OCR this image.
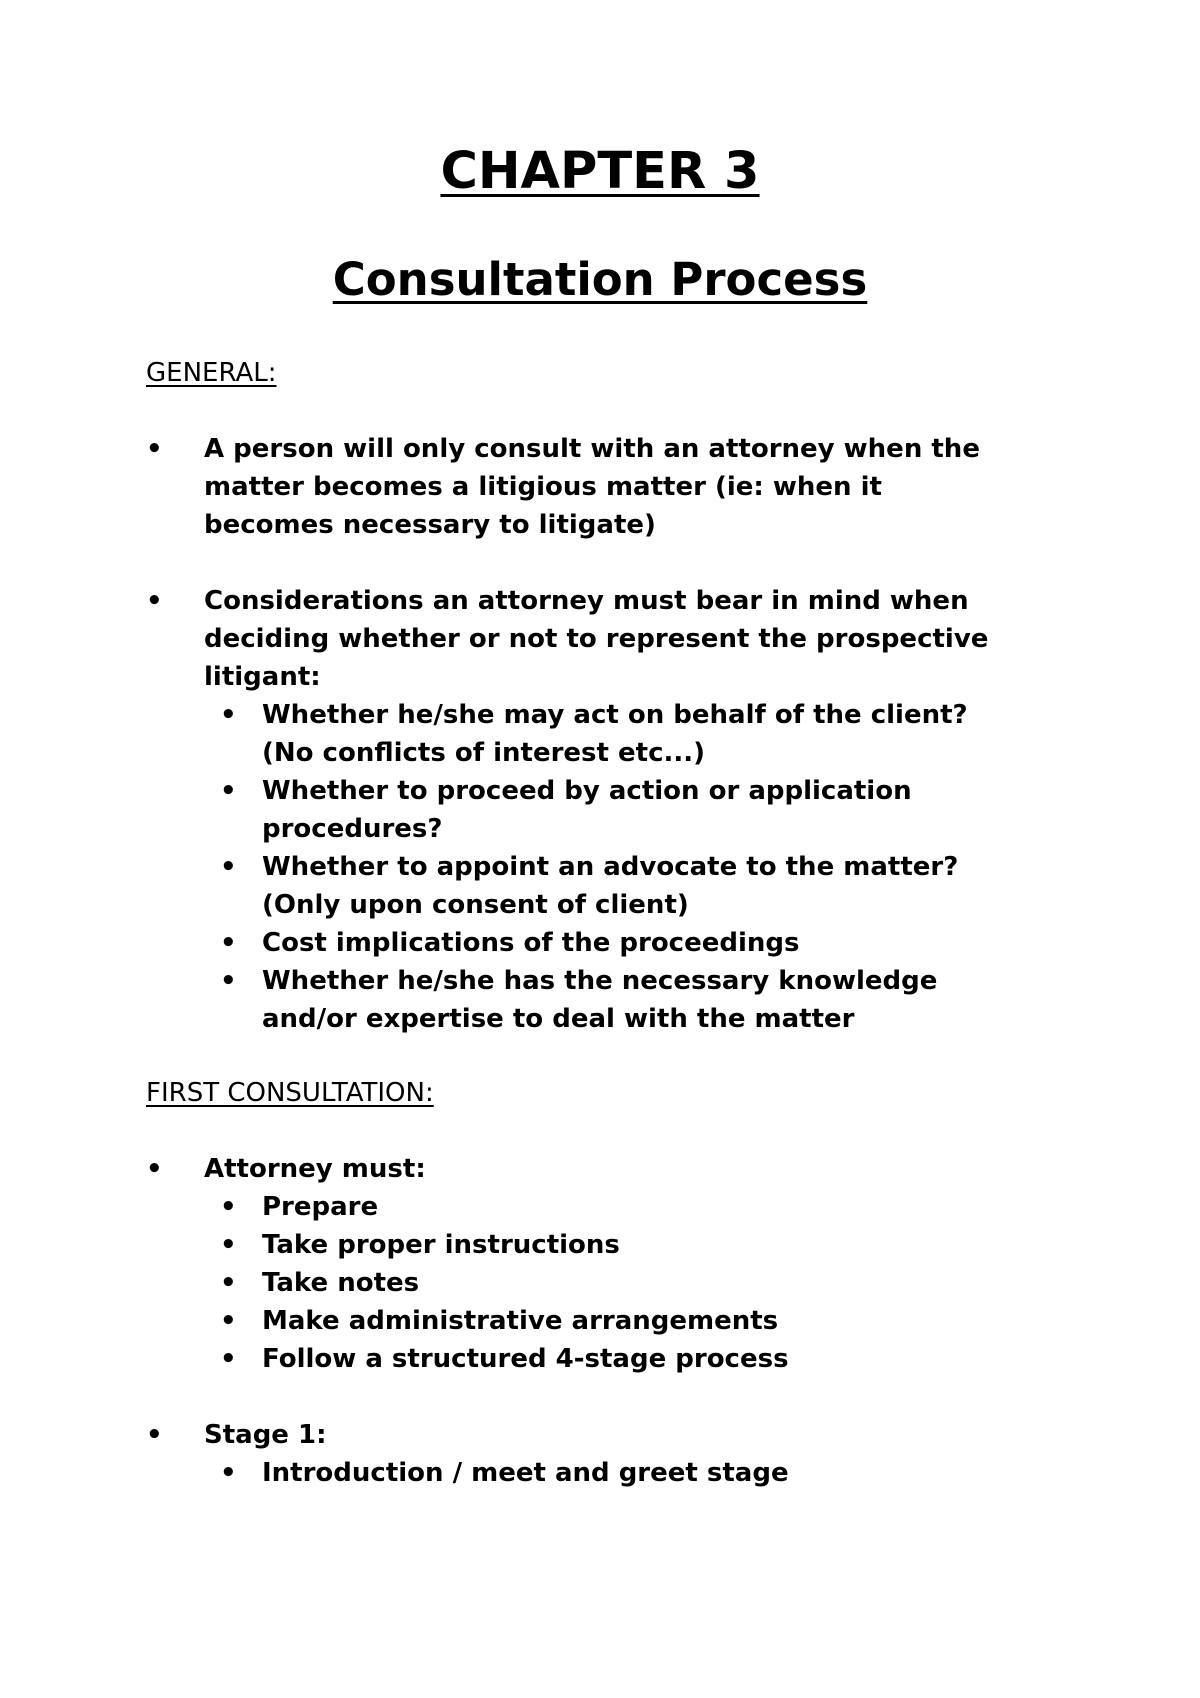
CHAPTER 3
Consultation Process
GENERAL:
•	A person will only consult with an attorney when the
matter becomes a litigious matter (ie: when it
becomes necessary to litigate)
•	Considerations an attorney must bear in mind when
deciding whether or not to represent the prospective
litigant:
• Whether he/she may act on behalf of the client?
(No conflicts of interest etc...)
• Whether to proceed by action or application
procedures?
• Whether to appoint an advocate to the matter?
(Only upon consent of client)
• Cost implications of the proceedings
• Whether he/she has the necessary knowledge
and/or expertise to deal with the matter
FIRST CONSULTATION:
•	Attorney must:
• Prepare
• Take proper instructions
• Take notes
• Make administrative arrangements
• Follow a structured 4-stage process
•	Stage 1:
• Introduction / meet and greet stage
